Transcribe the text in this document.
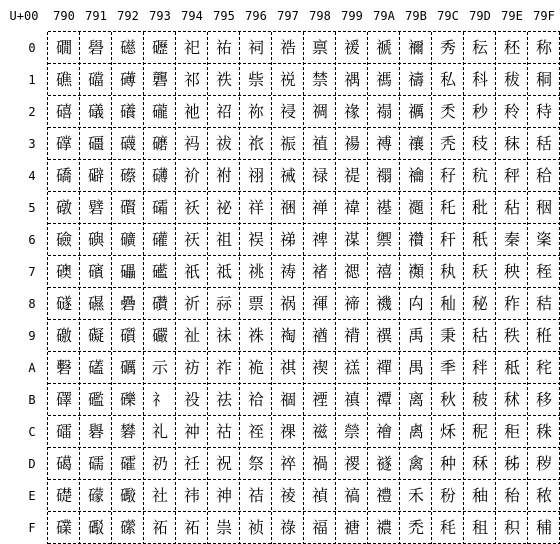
U+00	790 791 792 793 794 795 796 797 798 799 79A 79B 79C 79D 79E 79F
0
1
2
3
4
5
6
7
8
9
A
B
C
D
E
F
礀 礐 礠 礰 祀 祐 祠 祰 禀 禐 禠 禰 秀 秐 秠 称
礁 礑 礡 礱 祁 祑 祡 祱 禁 禑 禡 禱 私 科 秡 秱
礂 礒 礢 礲 祂 祒 祢 祲 禂 禒 禢 禲 秂 秒 秢 秲
礃 礓 礣 礳 祃 祓 祣 祳 禃 禓 禣 禳 秃 秓 秣 秳
礄 礔 礤 礴 祄 祔 祤 祴 禄 禔 禤 禴 秄 秔 秤 秴
礅 礕 礥 礵 祅 祕 祥 祵 禅 禕 禥 禵 秅 秕 秥 秵
礆 礖 礦 礶 祆 祖 祦 祶 禆 禖 禦 禶 秆 秖 秦 秶
礇 礗 礧 礷 祇 祗 祧 祷 禇 禗 禧 禷 秇 秗 秧 秷
礈 礘 礨 礸 祈 祘 票 祸 禈 禘 禨 禸 秈 秘 秨 秸
礉 礙 礩 礹 祉 祙 祩 祹 禉 禙 禩 禹 秉 秙 秩 秹
礊 礚 礪 示 祊 祚 祪 祺 禊 禚 禪 禺 秊 秚 秪 秺
礋 礛 礫 礻 祋 祛 祫 祻 禋 禛 禫 离 秋 秛 秫 移
礌 礜 礬 礼 祌 祜 祬 祼 禌 禜 禬 禼 秌 秜 秬 秼
礍 礝 礭 礽 祍 祝 祭 祽 禍 禝 禭 禽 种 秝 秭 秽
礎 礞 礮 社 祎 神 祮 祾 禎 禞 禮 禾 秎 秞 秮 秾
礏 礟 礯 祏 祏 祟 祯 祿 福 禟 禯 禿 秏 租 积 秿
